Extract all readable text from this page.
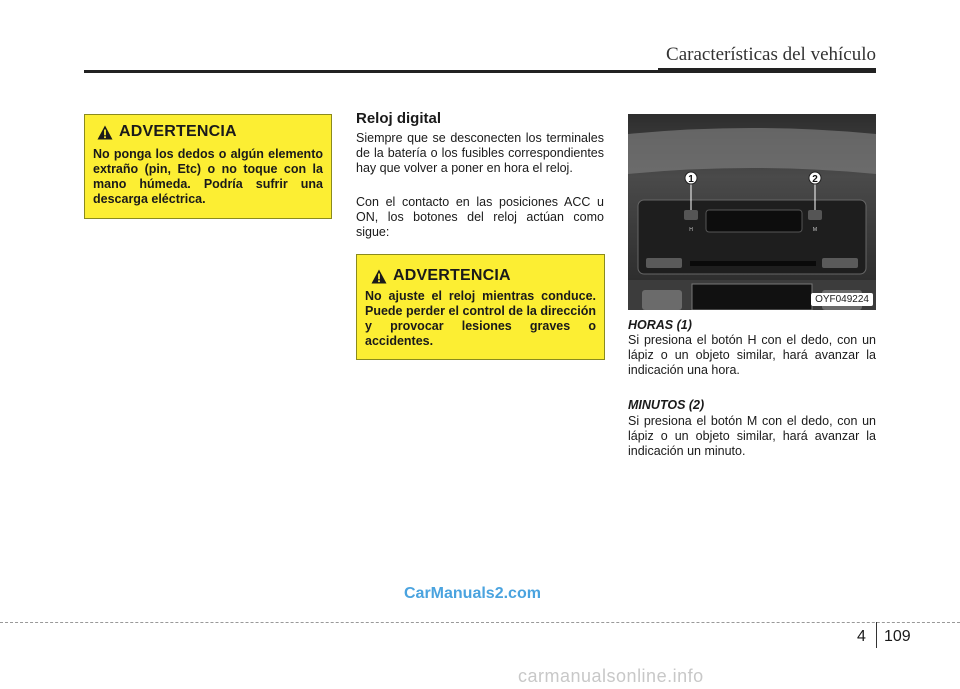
Características del vehículo
ADVERTENCIA
No ponga los dedos o algún elemento extraño (pin, Etc) o no toque con la mano húmeda. Podría sufrir una descarga eléctrica.
Reloj digital
Siempre que se desconecten los terminales de la batería o los fusibles correspondientes hay que volver a poner en hora el reloj.
Con el contacto en las posiciones ACC u ON, los botones del reloj actúan como sigue:
ADVERTENCIA
No ajuste el reloj mientras conduce. Puede perder el control de la dirección y provocar lesiones graves o accidentes.
1	2
H	M
OYF049224
HORAS (1)
Si presiona el botón H con el dedo, con un lápiz o un objeto similar, hará avanzar la indicación una hora.
MINUTOS (2)
Si presiona el botón M con el dedo, con un lápiz o un objeto similar, hará avanzar la indicación un minuto.
CarManuals2.com
4 109
carmanualsonline.info
